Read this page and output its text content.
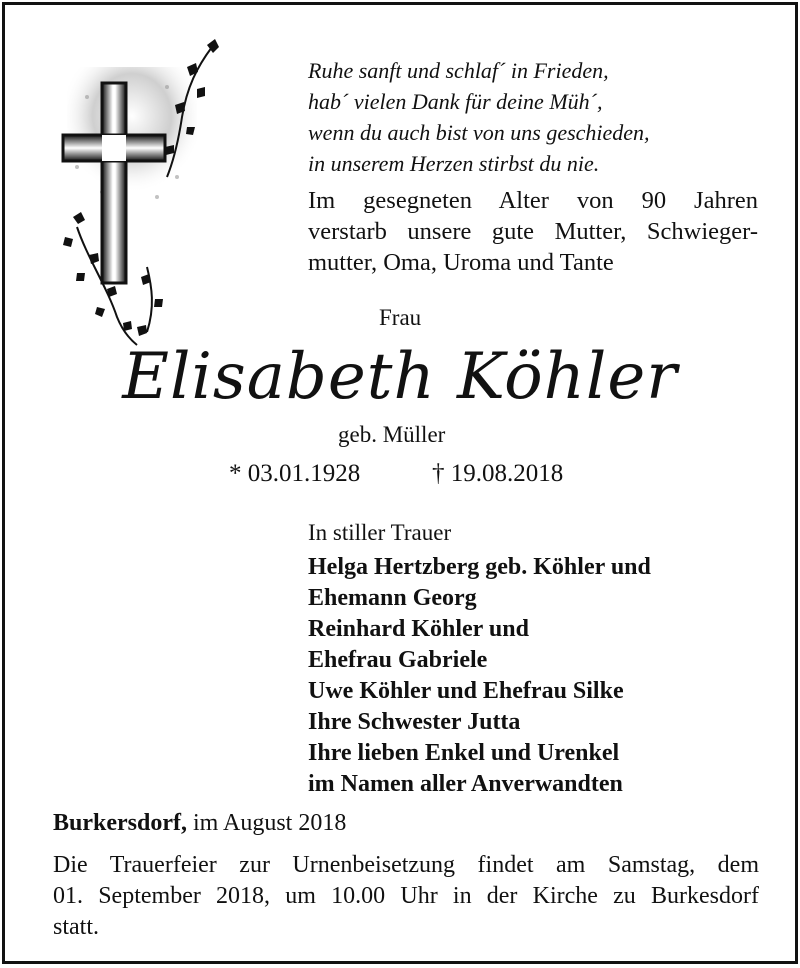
Ruhe sanft und schlaf´ in Frieden,
hab´ vielen Dank für deine Müh´,
wenn du auch bist von uns geschieden,
in unserem Herzen stirbst du nie.
Im gesegneten Alter von 90 Jahren
verstarb unsere gute Mutter, Schwieger-
mutter, Oma, Uroma und Tante
Frau
Elisabeth Köhler
geb. Müller
* 03.01.1928	† 19.08.2018
In stiller Trauer
Helga Hertzberg geb. Köhler und
Ehemann Georg
Reinhard Köhler und
Ehefrau Gabriele
Uwe Köhler und Ehefrau Silke
Ihre Schwester Jutta
Ihre lieben Enkel und Urenkel
im Namen aller Anverwandten
Burkersdorf, im August 2018
Die Trauerfeier zur Urnenbeisetzung findet am Samstag, dem
01. September 2018, um 10.00 Uhr in der Kirche zu Burkesdorf
statt.
